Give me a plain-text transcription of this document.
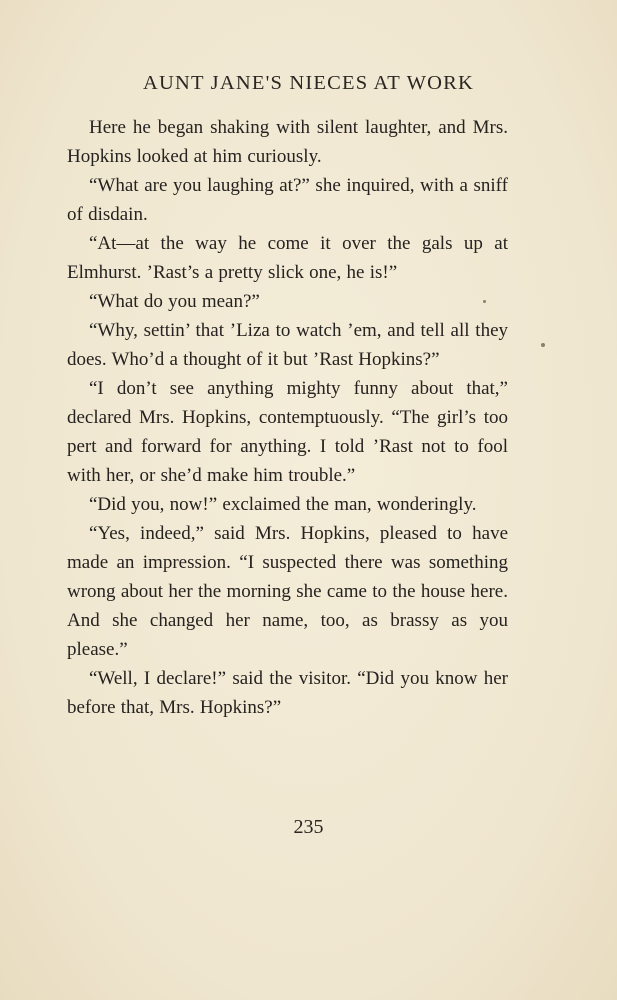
AUNT JANE'S NIECES AT WORK

Here he began shaking with silent laughter, and Mrs. Hopkins looked at him curiously.

“What are you laughing at?” she inquired, with a sniff of disdain.

“At—at the way he come it over the gals up at Elmhurst. ’Rast’s a pretty slick one, he is!”

“What do you mean?”

“Why, settin’ that ’Liza to watch ’em, and tell all they does. Who’d a thought of it but ’Rast Hopkins?”

“I don’t see anything mighty funny about that,” declared Mrs. Hopkins, contemptuously. “The girl’s too pert and forward for anything. I told ’Rast not to fool with her, or she’d make him trouble.”

“Did you, now!” exclaimed the man, wonderingly.

“Yes, indeed,” said Mrs. Hopkins, pleased to have made an impression. “I suspected there was something wrong about her the morning she came to the house here. And she changed her name, too, as brassy as you please.”

“Well, I declare!” said the visitor. “Did you know her before that, Mrs. Hopkins?”

235
